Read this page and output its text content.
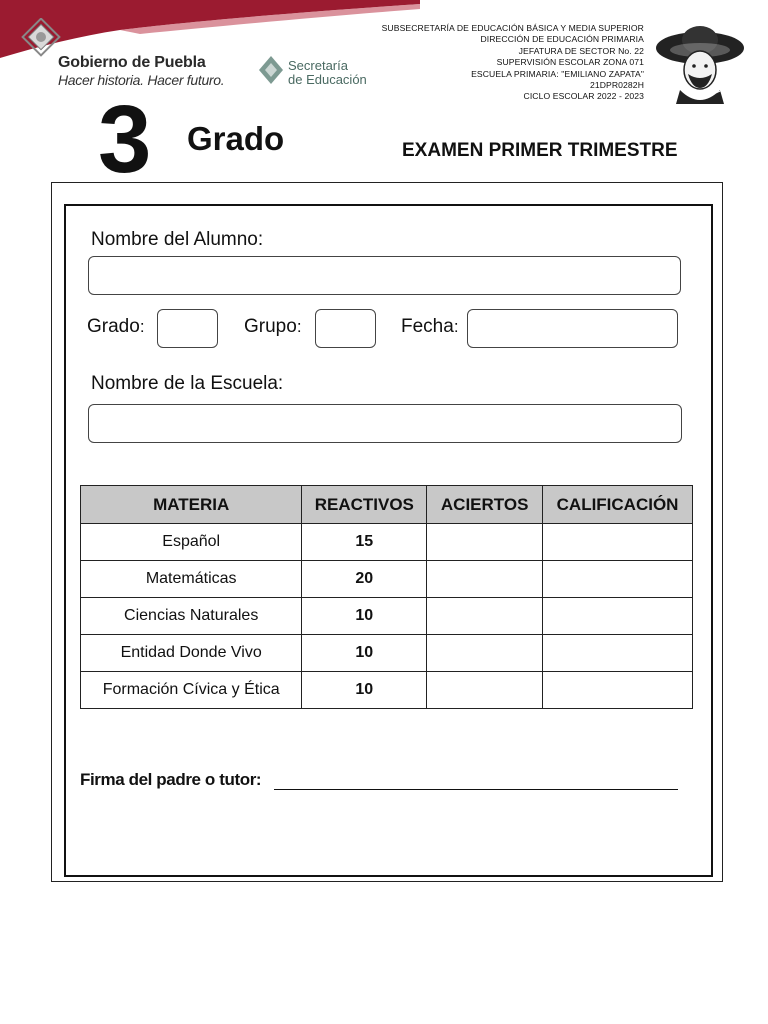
Gobierno de Puebla
Hacer historia. Hacer futuro.
Secretaría
de Educación
SUBSECRETARÍA DE EDUCACIÓN BÁSICA Y MEDIA SUPERIOR
DIRECCIÓN DE EDUCACIÓN PRIMARIA
JEFATURA DE SECTOR No. 22
SUPERVISIÓN ESCOLAR ZONA 071
ESCUELA PRIMARIA: "EMILIANO ZAPATA"
21DPR0282H
CICLO ESCOLAR 2022 - 2023
3 Grado	EXAMEN PRIMER TRIMESTRE
Nombre del Alumno:
Grado:	Grupo:	Fecha:
Nombre de la Escuela:
MATERIA	REACTIVOS	ACIERTOS	CALIFICACIÓN
Español	15		
Matemáticas	20		
Ciencias Naturales	10		
Entidad Donde Vivo	10		
Formación Cívica y Ética	10		
Firma del padre o tutor:
